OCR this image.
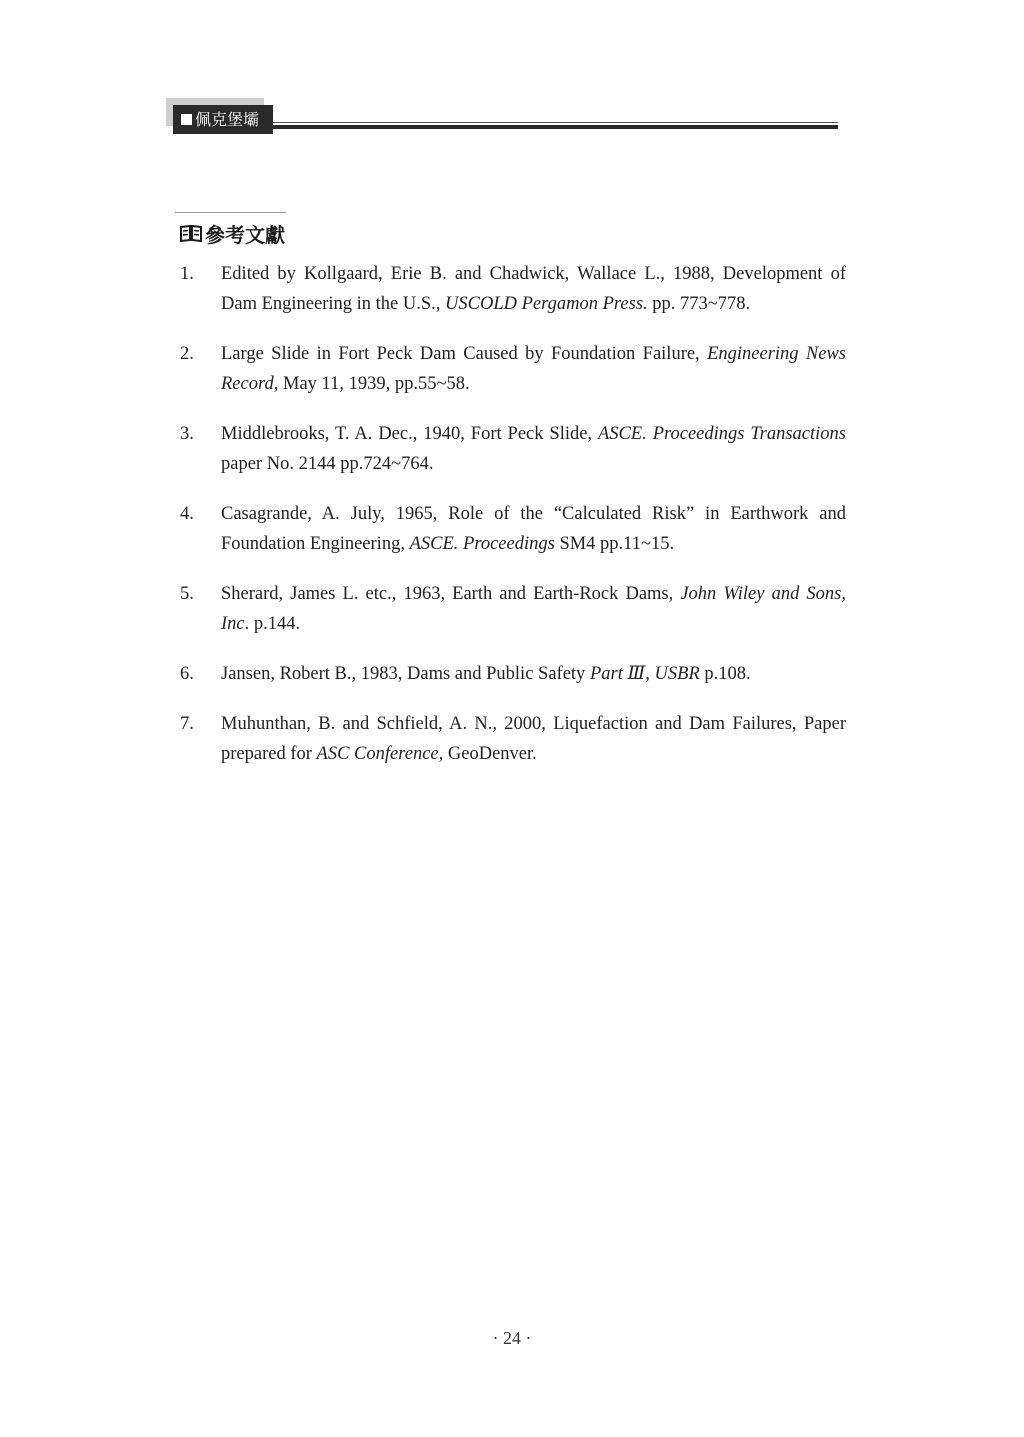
佩克堡壩
參考文獻
1.	Edited by Kollgaard, Erie B. and Chadwick, Wallace L., 1988, Development of Dam Engineering in the U.S., USCOLD Pergamon Press. pp. 773~778.
2.	Large Slide in Fort Peck Dam Caused by Foundation Failure, Engineering News Record, May 11, 1939, pp.55~58.
3.	Middlebrooks, T. A. Dec., 1940, Fort Peck Slide, ASCE. Proceedings Transactions paper No. 2144 pp.724~764.
4.	Casagrande, A. July, 1965, Role of the “Calculated Risk” in Earthwork and Foundation Engineering, ASCE. Proceedings SM4 pp.11~15.
5.	Sherard, James L. etc., 1963, Earth and Earth-Rock Dams, John Wiley and Sons, Inc. p.144.
6.	Jansen, Robert B., 1983, Dams and Public Safety Part Ⅲ, USBR p.108.
7.	Muhunthan, B. and Schfield, A. N., 2000, Liquefaction and Dam Failures, Paper prepared for ASC Conference, GeoDenver.
· 24 ·
